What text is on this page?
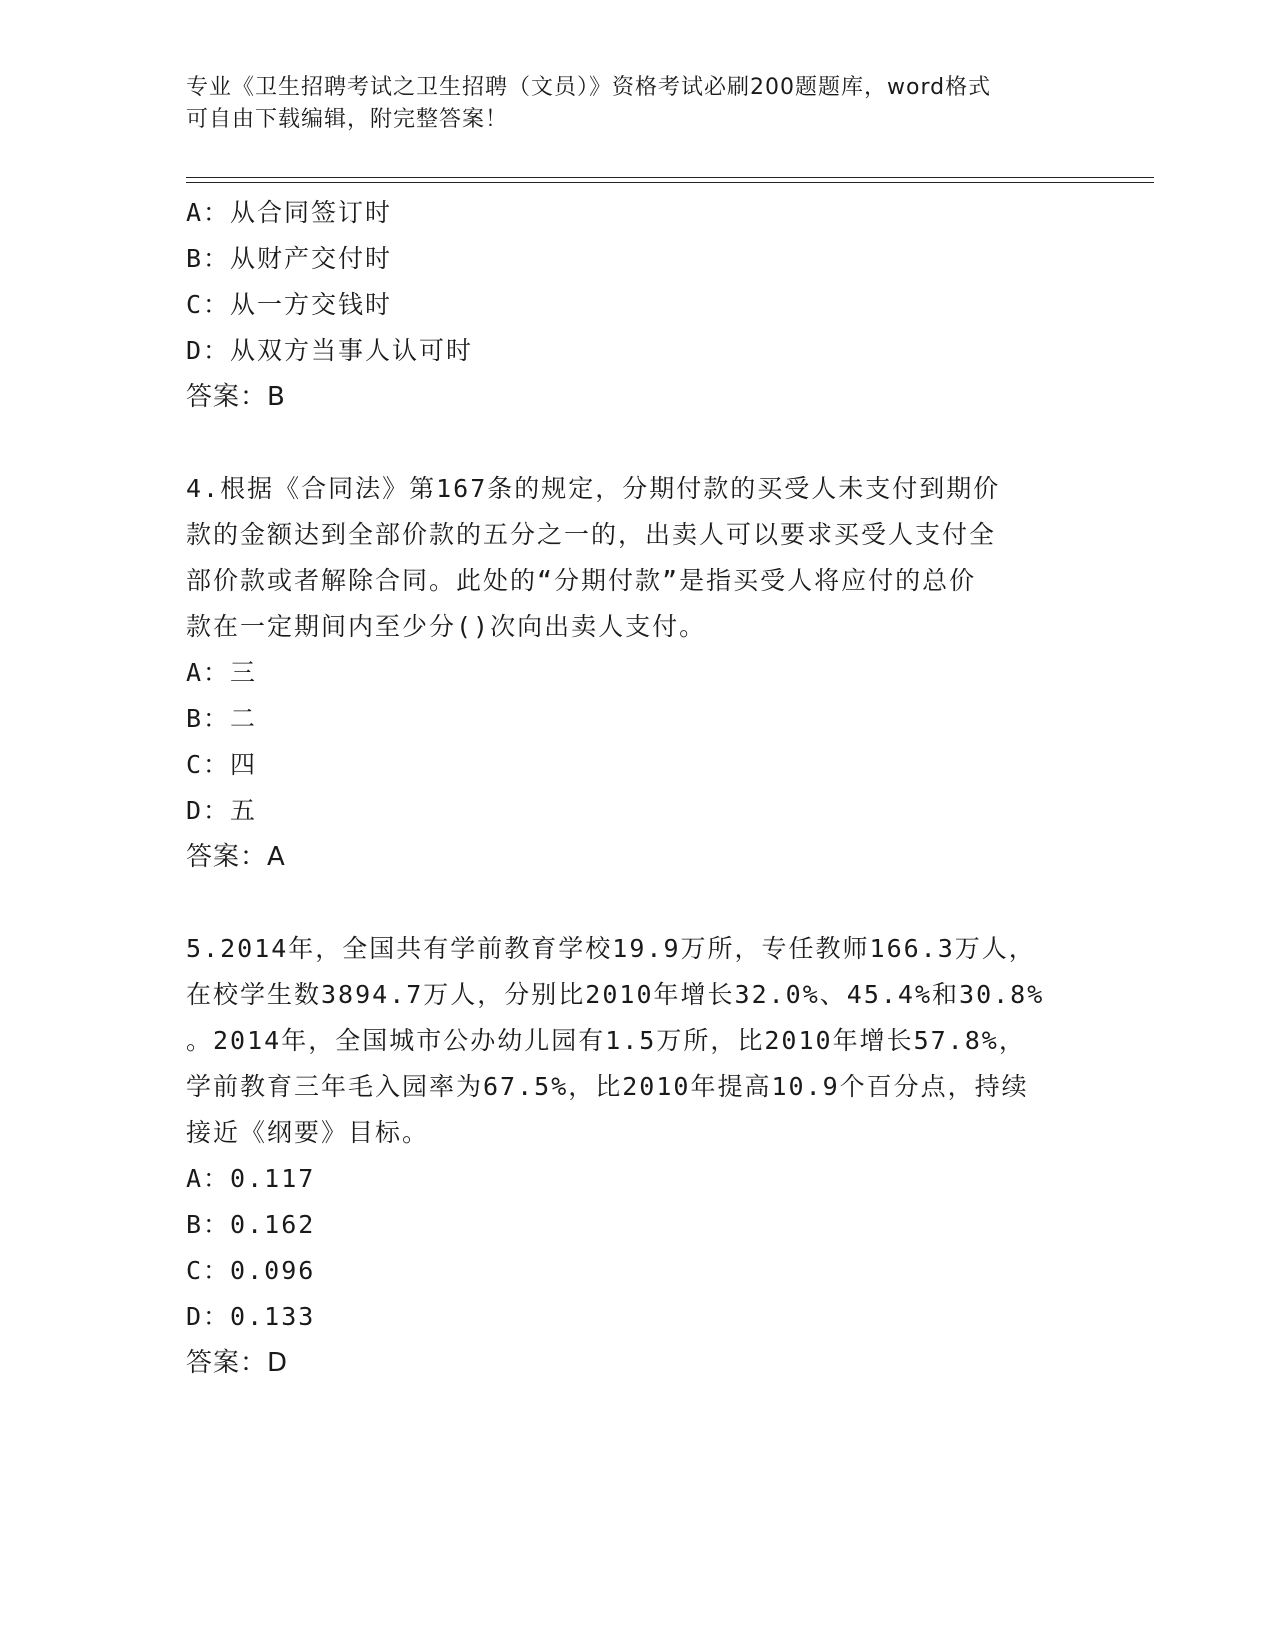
专业《卫生招聘考试之卫生招聘（文员）》资格考试必刷200题题库，word格式
可自由下载编辑，附完整答案！
A：从合同签订时
B：从财产交付时
C：从一方交钱时
D：从双方当事人认可时
答案：B
4.根据《合同法》第167条的规定，分期付款的买受人未支付到期价
款的金额达到全部价款的五分之一的，出卖人可以要求买受人支付全
部价款或者解除合同。此处的“分期付款”是指买受人将应付的总价
款在一定期间内至少分()次向出卖人支付。
A：三
B：二
C：四
D：五
答案：A
5.2014年，全国共有学前教育学校19.9万所，专任教师166.3万人，
在校学生数3894.7万人，分别比2010年增长32.0%、45.4%和30.8%
。2014年，全国城市公办幼儿园有1.5万所，比2010年增长57.8%，
学前教育三年毛入园率为67.5%，比2010年提高10.9个百分点，持续
接近《纲要》目标。
A：0.117
B：0.162
C：0.096
D：0.133
答案：D
